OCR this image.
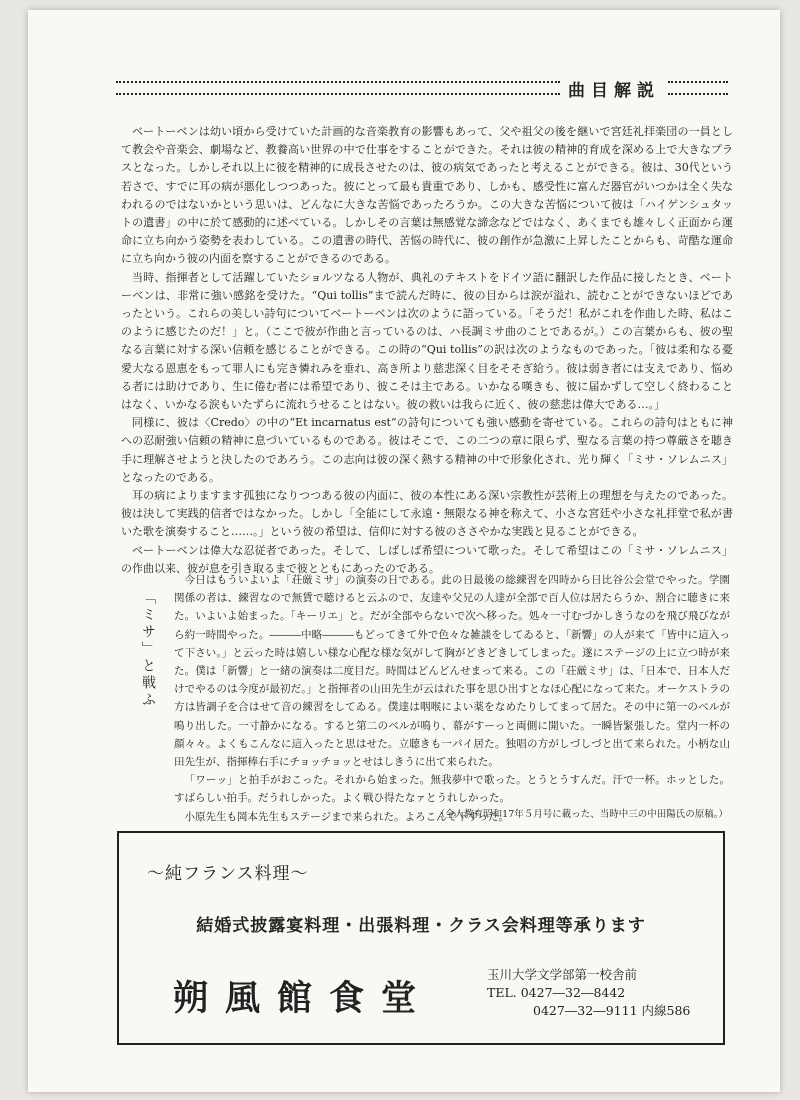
曲目解説

ベートーベンは幼い頃から受けていた計画的な音楽教育の影響もあって、父や祖父の後を継いで宮廷礼拝楽団の一員として教会や音楽会、劇場など、教養高い世界の中で仕事をすることができた。それは彼の精神的育成を深める上で大きなプラスとなった。しかしそれ以上に彼を精神的に成長させたのは、彼の病気であったと考えることができる。彼は、30代という若さで、すでに耳の病が悪化しつつあった。彼にとって最も貴重であり、しかも、感受性に富んだ器官がいつかは全く失なわれるのではないかという思いは、どんなに大きな苦悩であったろうか。この大きな苦悩について彼は「ハイゲンシュタットの遺書」の中に於て感動的に述べている。しかしその言葉は無感覚な諦念などではなく、あくまでも雄々しく正面から運命に立ち向かう姿勢を表わしている。この遺書の時代、苦悩の時代に、彼の創作が急激に上昇したことからも、苛酷な運命に立ち向かう彼の内面を察することができるのである。

当時、指揮者として活躍していたショルツなる人物が、典礼のテキストをドイツ語に翻訳した作品に接したとき、ベートーベンは、非常に強い感銘を受けた。“Qui tollis”まで読んだ時に、彼の目からは涙が溢れ、読むことができないほどであったという。これらの美しい詩句についてベートーベンは次のように語っている。「そうだ！私がこれを作曲した時、私はこのように感じたのだ！」と。（ここで彼が作曲と言っているのは、ハ長調ミサ曲のことであるが。）この言葉からも、彼の聖なる言葉に対する深い信頼を感じることができる。この時の“Qui tollis”の訳は次のようなものであった。「彼は柔和なる憂愛大なる恩恵をもって罪人にも完き憐れみを垂れ、高き所より慈悲深く目をそそぎ給う。彼は弱き者には支えであり、悩める者には助けであり、生に倦む者には希望であり、彼こそは主である。いかなる嘆きも、彼に届かずして空しく終わることはなく、いかなる涙もいたずらに流れうせることはない。彼の救いは我らに近く、彼の慈悲は偉大である…。」

同様に、彼は〈Credo〉の中の“Et incarnatus est”の詩句についても強い感動を寄せている。これらの詩句はともに神への忍耐強い信頼の精神に息づいているものである。彼はそこで、この二つの章に限らず、聖なる言葉の持つ尊厳さを聴き手に理解させようと決したのであろう。この志向は彼の深く熱する精神の中で形象化され、光り輝く「ミサ・ソレムニス」となったのである。

耳の病によりますます孤独になりつつある彼の内面に、彼の本性にある深い宗教性が芸術上の理想を与えたのであった。彼は決して実践的信者ではなかった。しかし「全能にして永遠・無限なる神を称えて、小さな宮廷や小さな礼拝堂で私が書いた歌を演奏すること……。」という彼の希望は、信仰に対する彼のささやかな実践と見ることができる。

ベートーベンは偉大な忍従者であった。そして、しばしば希望について歌った。そして希望はこの「ミサ・ソレムニス」の作曲以来、彼が息を引き取るまで彼とともにあったのである。

「ミサ」と戦ふ

今日はもういよいよ「荘厳ミサ」の演奏の日である。此の日最後の総練習を四時から日比谷公会堂でやった。学園関係の者は、練習なので無賃で聴けると云ふので、友達や父兄の人達が全部で百人位は居たらうか、割合に聴きに来た。いよいよ始まった。「キーリエ」と。だが全部やらないで次へ移った。処々一寸むづかしきうなのを飛び飛びながら約一時間やった。―――中略―――もどってきて外で色々な雑談をしてゐると、「新響」の人が来て「皆中に這入って下さい。」と云った時は嬉しい様な心配な様な気がして胸がどきどきしてしまった。遂にステージの上に立つ時が来た。僕は「新響」と一緒の演奏は二度目だ。時間はどんどんせまって来る。この「荘厳ミサ」は、「日本で、日本人だけでやるのは今度が最初だ。」と指揮者の山田先生が云はれた事を思ひ出すとなほ心配になって来た。オーケストラの方は皆調子を合はせて音の練習をしてゐる。僕達は咽喉によい薬をなめたりしてまって居た。その中に第一のベルが鳴り出した。一寸静かになる。すると第二のベルが鳴り、幕がすーっと両側に開いた。一瞬皆緊張した。堂内一杯の顔々々。よくもこんなに這入ったと思はせた。立聴きも一パイ居た。独唱の方がしづしづと出て来られた。小柄な山田先生が、指揮棒右手にチョッチョッとせはしきうに出て来られた。

「ワーッ」と拍手がおこった。それから始まった。無我夢中で歌った。とうとうすんだ。汗で一杯。ホッとした。すばらしい拍手。だうれしかった。よく戦ひ得たなァとうれしかった。

小原先生も岡本先生もステージまで来られた。よろこんで下すった。

（全人教育昭和17年５月号に載った、当時中三の中田陽氏の原稿。）
～純フランス料理～
結婚式披露宴料理・出張料理・クラス会料理等承ります
朔風館食堂
玉川大学文学部第一校舎前
TEL. 0427―32―8442
0427―32―9111 内線586
